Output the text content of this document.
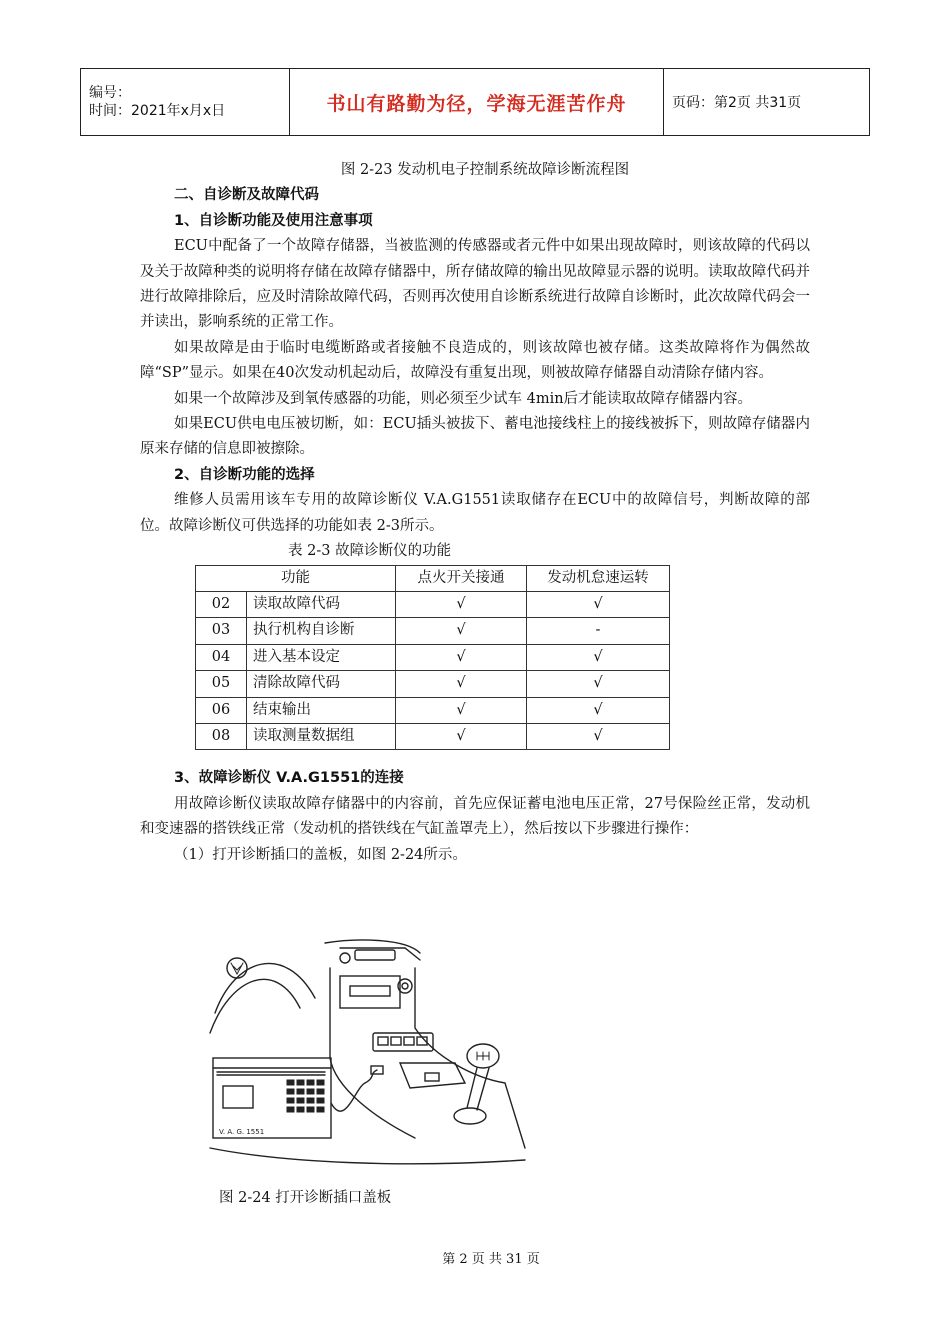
编号：
时间：2021年x月x日	书山有路勤为径，学海无涯苦作舟	页码：第2页 共31页

图 2-23 发动机电子控制系统故障诊断流程图

二、自诊断及故障代码

1、自诊断功能及使用注意事项

ECU中配备了一个故障存储器，当被监测的传感器或者元件中如果出现故障时，则该故障的代码以及关于故障种类的说明将存储在故障存储器中，所存储故障的输出见故障显示器的说明。读取故障代码并进行故障排除后，应及时清除故障代码，否则再次使用自诊断系统进行故障自诊断时，此次故障代码会一并读出，影响系统的正常工作。

如果故障是由于临时电缆断路或者接触不良造成的，则该故障也被存储。这类故障将作为偶然故障“SP”显示。如果在40次发动机起动后，故障没有重复出现，则被故障存储器自动清除存储内容。

如果一个故障涉及到氧传感器的功能，则必须至少试车 4min后才能读取故障存储器内容。

如果ECU供电电压被切断，如：ECU插头被拔下、蓄电池接线柱上的接线被拆下，则故障存储器内原来存储的信息即被擦除。

2、自诊断功能的选择

维修人员需用该车专用的故障诊断仪 V.A.G1551读取储存在ECU中的故障信号，判断故障的部位。故障诊断仪可供选择的功能如表 2-3所示。

表 2-3 故障诊断仪的功能

功能		点火开关接通	发动机怠速运转
02	读取故障代码	√	√
03	执行机构自诊断	√	-
04	进入基本设定	√	√
05	清除故障代码	√	√
06	结束输出	√	√
08	读取测量数据组	√	√

3、故障诊断仪 V.A.G1551的连接

用故障诊断仪读取故障存储器中的内容前，首先应保证蓄电池电压正常，27号保险丝正常，发动机和变速器的搭铁线正常（发动机的搭铁线在气缸盖罩壳上），然后按以下步骤进行操作：

（1）打开诊断插口的盖板，如图 2-24所示。

V. A. G. 1551
图 2-24 打开诊断插口盖板
第 2 页 共 31 页
